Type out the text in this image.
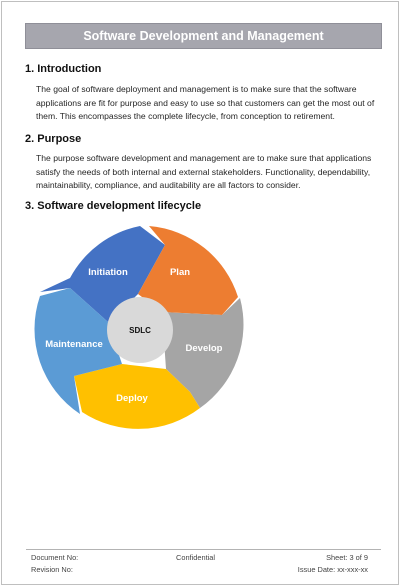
Software Development and Management
1. Introduction
The goal of software deployment and management is to make sure that the software applications are fit for purpose and easy to use so that customers can get the most out of them. This encompasses the complete lifecycle, from conception to retirement.
2. Purpose
The purpose software development and management are to make sure that applications satisfy the needs of both internal and external stakeholders. Functionality, dependability, maintainability, compliance, and auditability are all factors to consider.
3. Software development lifecycle
Initiation	Plan
Develop
Deploy
Maintenance
SDLC
Document No:
Revision No:
Confidential	Sheet: 3 of 9
Issue Date: xx-xxx-xx
